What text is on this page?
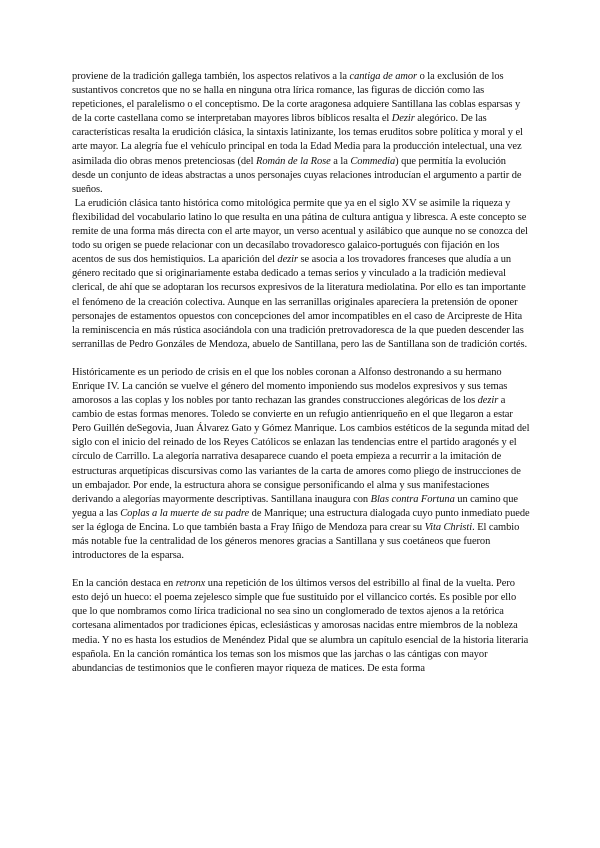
proviene de la tradición gallega también, los aspectos relativos a la cantiga de amor o la exclusión de los sustantivos concretos que no se halla en ninguna otra lírica romance, las figuras de dicción como las repeticiones, el paralelismo o el conceptismo. De la corte aragonesa adquiere Santillana las coblas esparsas y de la corte castellana como se interpretaban mayores libros bíblicos resalta el Dezir alegórico. De las características resalta la erudición clásica, la sintaxis latinizante, los temas eruditos sobre política y moral y el arte mayor. La alegría fue el vehículo principal en toda la Edad Media para la producción intelectual, una vez asimilada dio obras menos pretenciosas (del Román de la Rose a la Commedia) que permitía la evolución desde un conjunto de ideas abstractas a unos personajes cuyas relaciones introducían el argumento a partir de sueños.

La erudición clásica tanto histórica como mitológica permite que ya en el siglo XV se asimile la riqueza y flexibilidad del vocabulario latino lo que resulta en una pátina de cultura antigua y libresca. A este concepto se remite de una forma más directa con el arte mayor, un verso acentual y asilábico que aunque no se conozca del todo su origen se puede relacionar con un decasílabo trovadoresco galaico-portugués con fijación en los acentos de sus dos hemistiquios. La aparición del dezir se asocia a los trovadores franceses que aludía a un género recitado que si originariamente estaba dedicado a temas serios y vinculado a la tradición medieval clerical, de ahí que se adoptaran los recursos expresivos de la literatura mediolatina. Por ello es tan importante el fenómeno de la creación colectiva. Aunque en las serranillas originales aparecíera la pretensión de oponer personajes de estamentos opuestos con concepciones del amor incompatibles en el caso de Arcipreste de Hita la reminiscencia en más rústica asociándola con una tradición pretrovadoresca de la que pueden descender las serranillas de Pedro Gonzáles de Mendoza, abuelo de Santillana, pero las de Santillana son de tradición cortés.

Históricamente es un periodo de crisis en el que los nobles coronan a Alfonso destronando a su hermano Enrique IV. La canción se vuelve el género del momento imponiendo sus modelos expresivos y sus temas amorosos a las coplas y los nobles por tanto rechazan las grandes construcciones alegóricas de los dezir a cambio de estas formas menores. Toledo se convierte en un refugio antienriqueño en el que llegaron a estar Pero Guillén deSegovia, Juan Álvarez Gato y Gómez Manrique. Los cambios estéticos de la segunda mitad del siglo con el inicio del reinado de los Reyes Católicos se enlazan las tendencias entre el partido aragonés y el círculo de Carrillo. La alegoría narrativa desaparece cuando el poeta empieza a recurrir a la imitación de estructuras arquetípicas discursivas como las variantes de la carta de amores como pliego de instrucciones de un embajador. Por ende, la estructura ahora se consigue personificando el alma y sus manifestaciones derivando a alegorías mayormente descriptivas. Santillana inaugura con Blas contra Fortuna un camino que yegua a las Coplas a la muerte de su padre de Manrique; una estructura dialogada cuyo punto inmediato puede ser la égloga de Encina. Lo que también basta a Fray Iñigo de Mendoza para crear su Vita Christi. El cambio más notable fue la centralidad de los géneros menores gracias a Santillana y sus coetáneos que fueron introductores de la esparsa.

En la canción destaca en retronx una repetición de los últimos versos del estribillo al final de la vuelta. Pero esto dejó un hueco: el poema zejelesco simple que fue sustituido por el villancico cortés. Es posible por ello que lo que nombramos como lírica tradicional no sea sino un conglomerado de textos ajenos a la retórica cortesana alimentados por tradiciones épicas, eclesiásticas y amorosas nacidas entre miembros de la nobleza media. Y no es hasta los estudios de Menéndez Pidal que se alumbra un capítulo esencial de la historia literaria española. En la canción romántica los temas son los mismos que las jarchas o las cántigas con mayor abundancias de testimonios que le confieren mayor riqueza de matices. De esta forma
